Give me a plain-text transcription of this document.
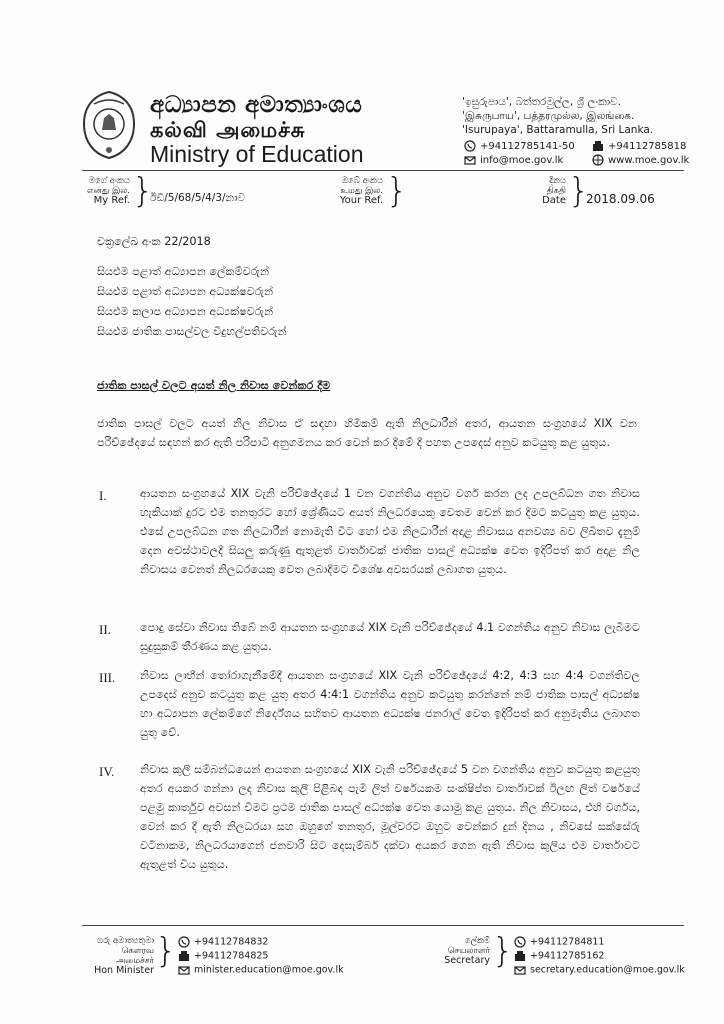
අධ්‍යාපන අමාත්‍යාංශය
கல்வி அமைச்சு
Ministry of Education
'ඉසුරුපාය', බත්තරමුල්ල, ශ්‍රී ලංකාව.
'இசுருபாய', பத்தரமுல்ல, இலங்கை.
'Isurupaya', Battaramulla, Sri Lanka.
+94112785141-50	+94112785818
info@moe.gov.lk	www.moe.gov.lk
මගේ අංකය
எனது இல.
My Ref. }
ඊඩී/5/68/5/4/3/නාව
ඔබේ අංකය
உமது இல.
Your Ref. }	දිනය
திகதி
Date }
2018.09.06
චක්‍රලේඛ අංක 22/2018
සියළුම පළාත් අධ්‍යාපන ලේකම්වරුන්
සියළුම පළාත් අධ්‍යාපන අධ්‍යක්ෂවරුන්
සියළුම කලාප අධ්‍යාපන අධ්‍යක්ෂවරුන්
සියළුම ජාතික පාසල්වල විදුහල්පතිවරුන්
ජාතික පාසල් වලට අයත් නිල නිවාස වෙන්කර දීම
ජාතික පාසල් වලට අයත් නිල නිවාස ඒ සඳහා හිමිකම් ඇති නිලධාරීන් අතර, ආයතන සංග්‍රහයේ XIX වන පරිච්ඡේදයේ සඳහන් කර ඇති පරිපාටි අනුගමනය කර වෙන් කර දීමේ දී පහත උපදෙස් අනුව කටයුතු කළ යුතුය.
I.	ආයතන සංග්‍රහයේ XIX වැනි පරිච්ඡේදයේ 1 වන වගන්තිය අනුව වර්ග කරන ලද උපලබ්ධන ගත නිවාස හැකියාක් දුරට එම තනතුරට හෝ ශ්‍රේණියට අයත් නිලධරයෙකු වෙතම වෙන් කර දීමට කටයුතු කළ යුතුය. එසේ උපලබ්ධන ගත නිලධාරීන් නොමැති විට හෝ එම නිලධාරීන් අදාළ නිවාසය අනවශ්‍ය බව ලිඛිතව දැනුම් දෙන අවස්ථාවලදී සියලු කරුණු ඇතුළත් වාර්තාවක් ජාතික පාසල් අධ්‍යක්ෂ වෙත ඉදිරිපත් කර අදාළ නිල නිවාසය වෙනත් නිලධරයෙකු වෙත ලබාදීමට විශේෂ අවසරයක් ලබාගත යුතුය.
II.	පොදු සේවා නිවාස තිබේ නම් ආයතන සංග්‍රහයේ XIX වැනි පරිච්ඡේදයේ 4.1 වගන්තිය අනුව නිවාස ලැබීමට සුදුසුකම් තීරණය කළ යුතුය.
III. නිවාස ලාභීන් තෝරාගැනීමේදී ආයතන සංග්‍රහයේ XIX වැනි පරිච්ඡේදයේ 4:2, 4:3 සහ 4:4 වගන්තිවල උපදෙස් අනුව කටයුතු කළ යුතු අතර 4:4:1 වගන්තිය අනුව කටයුතු කරන්නේ නම් ජාතික පාසල් අධ්‍යක්ෂ හා අධ්‍යාපන ලේකම්ගේ නිර්දේශය සහිතව ආයතන අධ්‍යක්ෂ ජනරාල් වෙත ඉදිරිපත් කර අනුමැතිය ලබාගත යුතු වේ.
IV. නිවාස කුලී සම්බන්ධයෙන් ආයතන සංග්‍රහයේ XIX වැනි පරිච්ඡේදයේ 5 වන වගන්තිය අනුව කටයුතු කළයුතු අතර අයකර ගන්නා ලද නිවාස කුලී පිළිබඳ පැමි ලිත් වර්ෂයකම සංක්ෂිප්ත වාර්තාවක් ඊලඟ ලිත් වර්ෂයේ පළමු කාර්තුව අවසන් වීමට ප්‍රථම ජාතික පාසල් අධ්‍යක්ෂ වෙත යොමු කළ යුතුය. නිල නිවාසය, එහි වර්ගය, වෙන් කර දී ඇති නිලධරයා සහ ඔහුගේ තනතුර, මූල්වරට ඔහුට වෙන්කර දුන් දිනය , නිවසේ සක්සේරු වටිනාකම, නිලධරයාගෙන් ජනවාරි සිට දෙසැම්බර් දක්වා අයකර ගෙන ඇති නිවාස කුලිය එම වාර්තාවට ඇතුළත් විය යුතුය.
ගරු අමාත්‍යතුමා
கௌரவ அமைச்சர்
Hon Minister }	+94112784832
+94112784825
minister.education@moe.gov.lk
ලේකම්
செயலாளர்
Secretary }	+94112784811
+94112785162
secretary.education@moe.gov.lk
